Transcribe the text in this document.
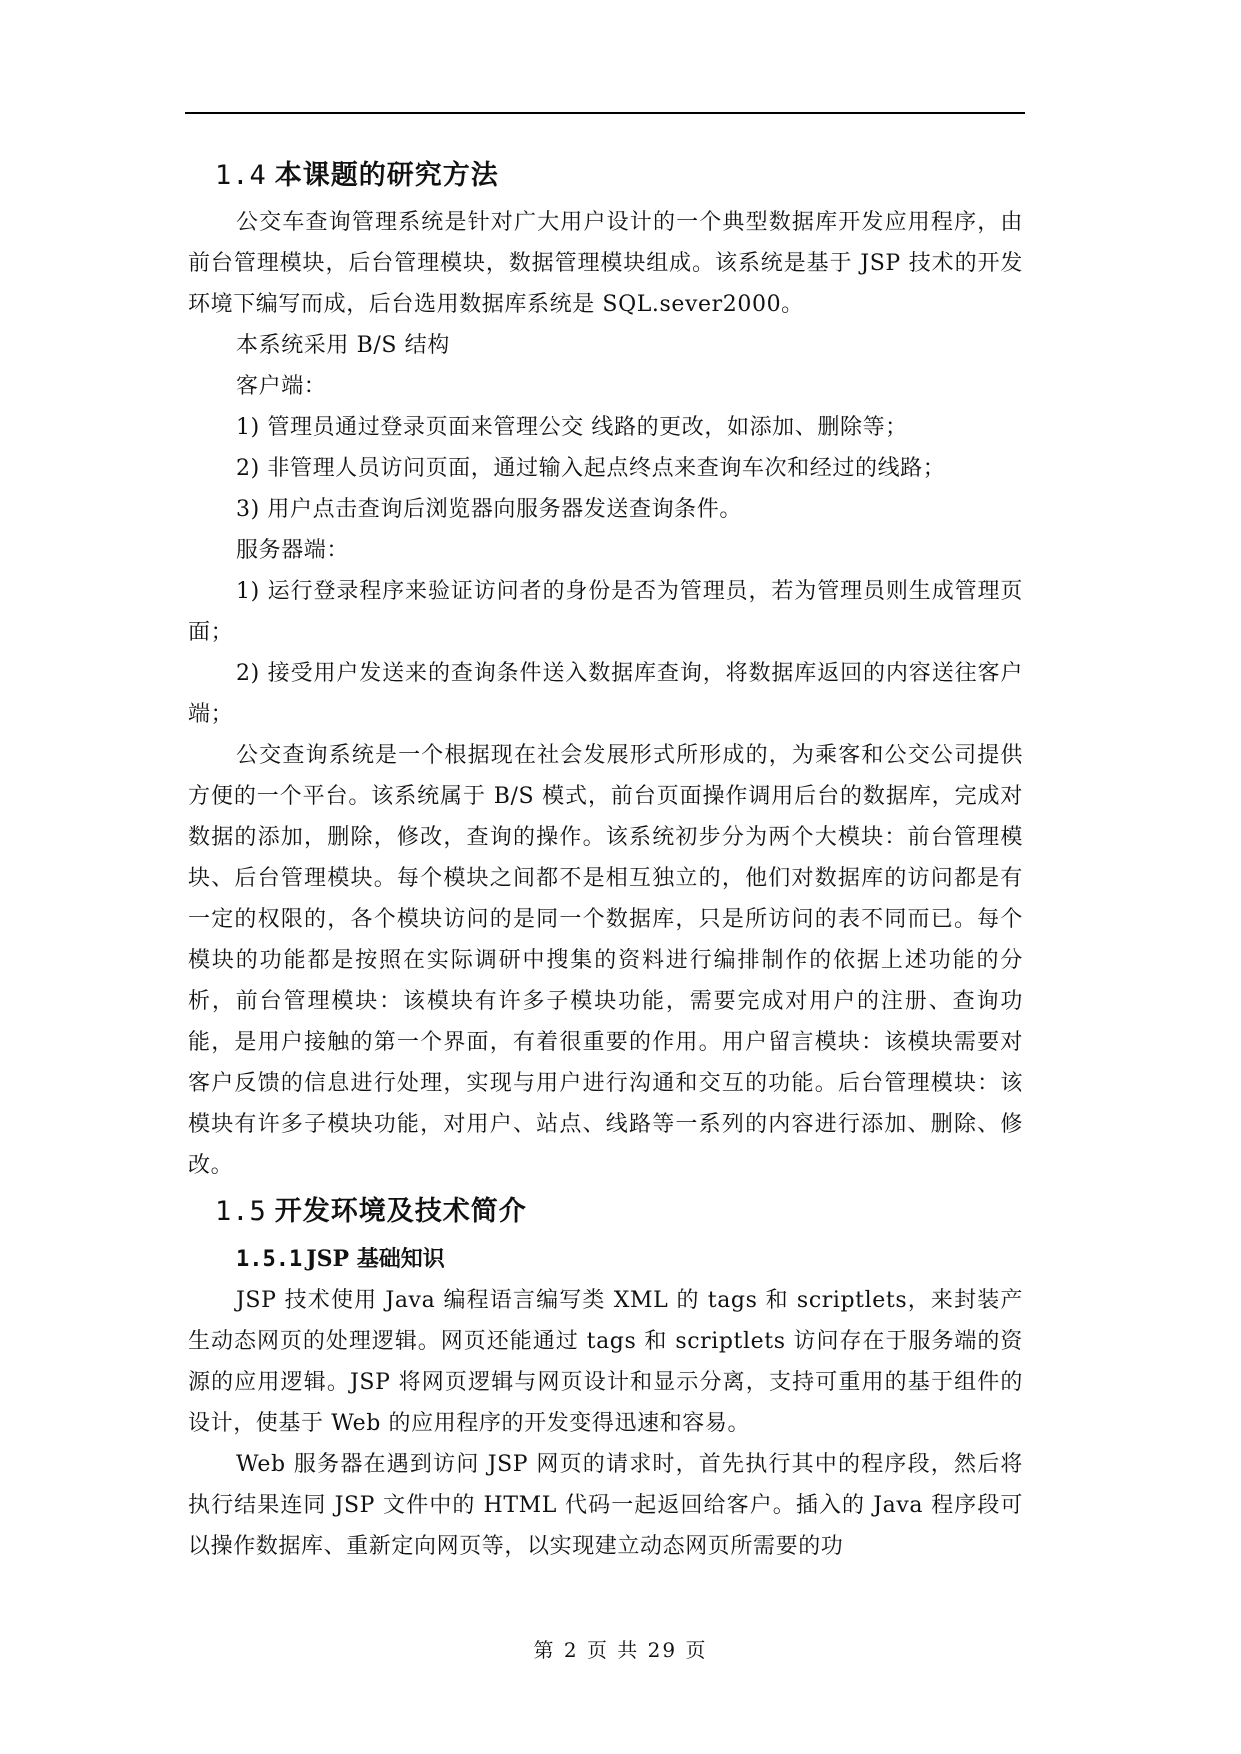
1.4 本课题的研究方法

公交车查询管理系统是针对广大用户设计的一个典型数据库开发应用程序，由前台管理模块，后台管理模块，数据管理模块组成。该系统是基于 JSP 技术的开发环境下编写而成，后台选用数据库系统是 SQL.sever2000。

本系统采用 B/S 结构

客户端：

1) 管理员通过登录页面来管理公交 线路的更改，如添加、删除等；

2) 非管理人员访问页面，通过输入起点终点来查询车次和经过的线路；

3) 用户点击查询后浏览器向服务器发送查询条件。

服务器端：

1) 运行登录程序来验证访问者的身份是否为管理员，若为管理员则生成管理页面；

2) 接受用户发送来的查询条件送入数据库查询，将数据库返回的内容送往客户端；

公交查询系统是一个根据现在社会发展形式所形成的，为乘客和公交公司提供方便的一个平台。该系统属于 B/S 模式，前台页面操作调用后台的数据库，完成对数据的添加，删除，修改，查询的操作。该系统初步分为两个大模块：前台管理模块、后台管理模块。每个模块之间都不是相互独立的，他们对数据库的访问都是有一定的权限的，各个模块访问的是同一个数据库，只是所访问的表不同而已。每个模块的功能都是按照在实际调研中搜集的资料进行编排制作的依据上述功能的分析，前台管理模块：该模块有许多子模块功能，需要完成对用户的注册、查询功能，是用户接触的第一个界面，有着很重要的作用。用户留言模块：该模块需要对客户反馈的信息进行处理，实现与用户进行沟通和交互的功能。后台管理模块：该模块有许多子模块功能，对用户、站点、线路等一系列的内容进行添加、删除、修改。

1.5 开发环境及技术简介
1.5.1 JSP 基础知识

JSP 技术使用 Java 编程语言编写类 XML 的 tags 和 scriptlets，来封装产生动态网页的处理逻辑。网页还能通过 tags 和 scriptlets 访问存在于服务端的资源的应用逻辑。JSP 将网页逻辑与网页设计和显示分离，支持可重用的基于组件的设计，使基于 Web 的应用程序的开发变得迅速和容易。

Web 服务器在遇到访问 JSP 网页的请求时，首先执行其中的程序段，然后将执行结果连同 JSP 文件中的 HTML 代码一起返回给客户。插入的 Java 程序段可以操作数据库、重新定向网页等，以实现建立动态网页所需要的功

第 2 页 共 29 页
